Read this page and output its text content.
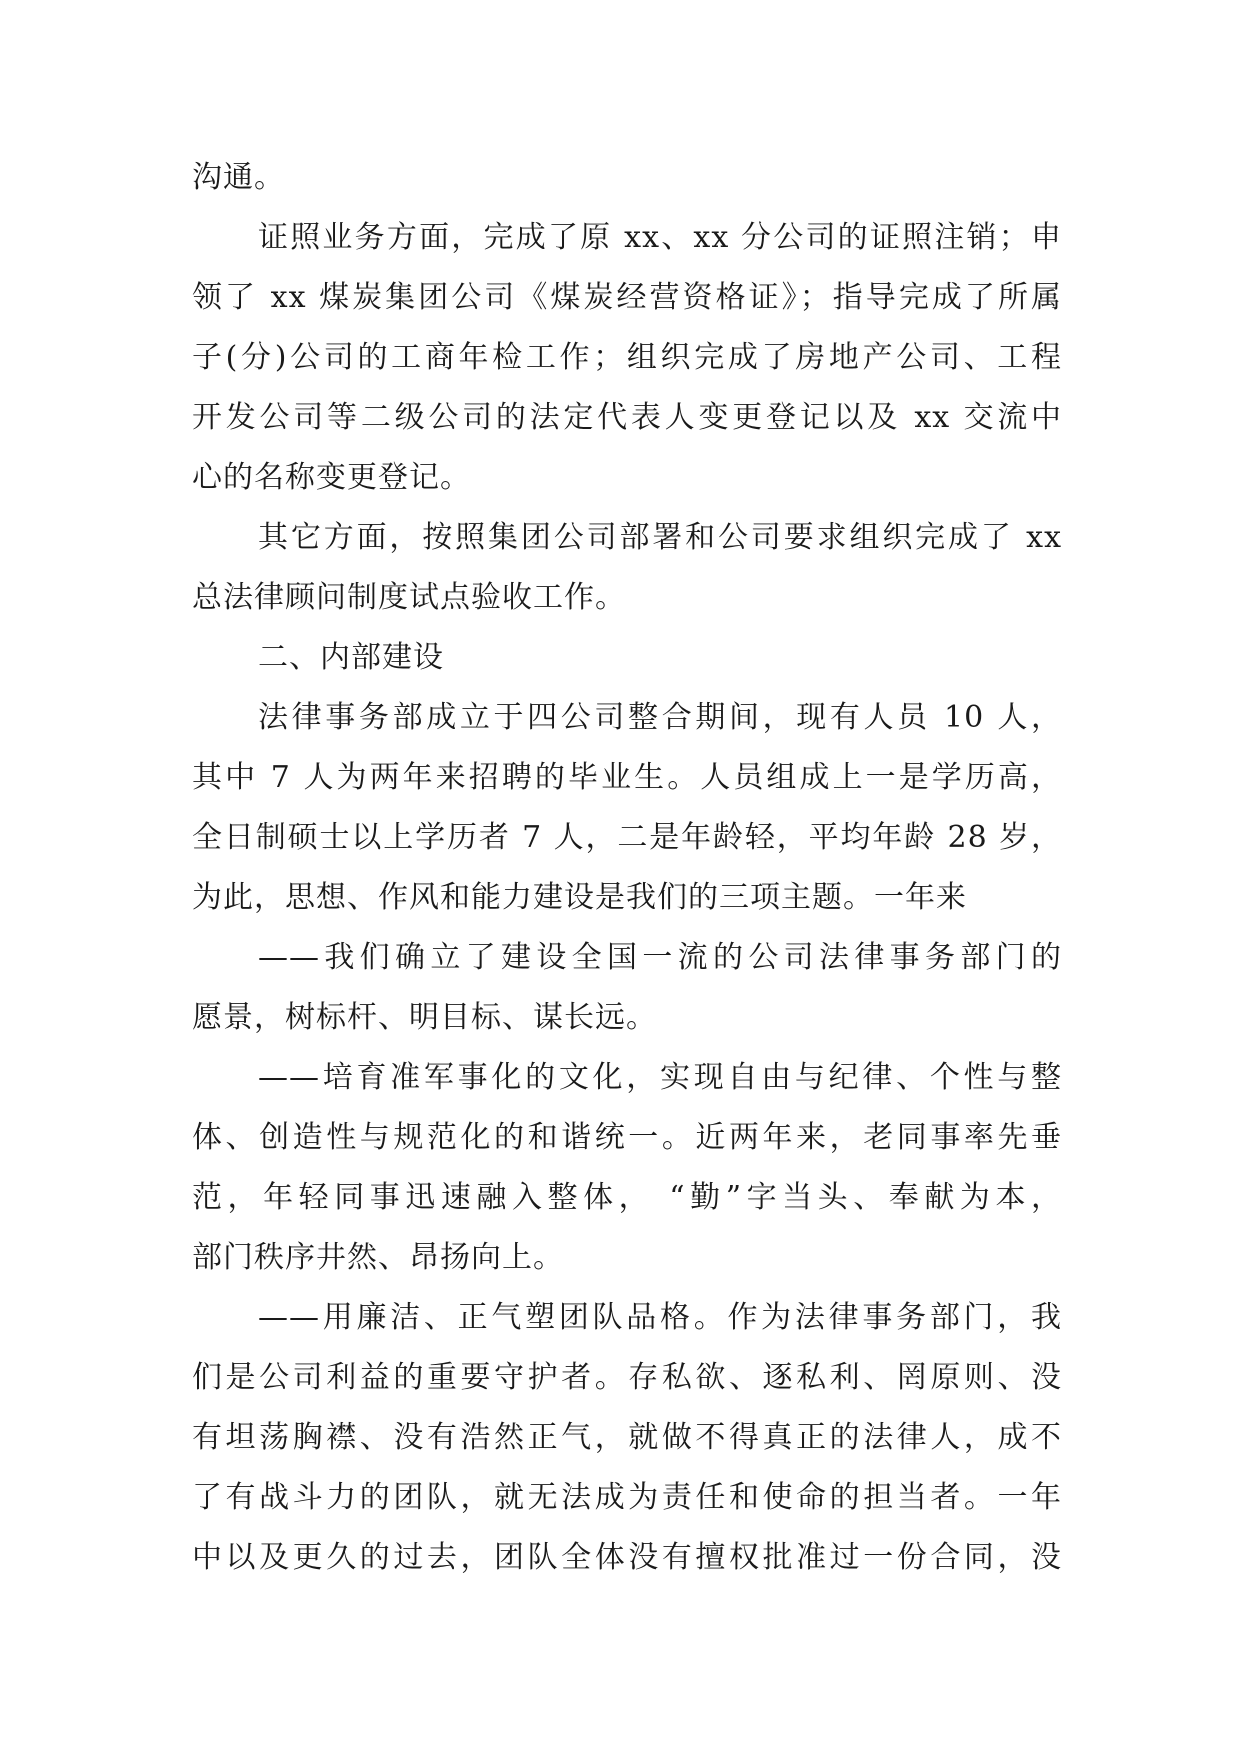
沟通。
证照业务方面，完成了原 xx、xx 分公司的证照注销；申
领了 xx 煤炭集团公司《煤炭经营资格证》；指导完成了所属
子(分)公司的工商年检工作；组织完成了房地产公司、工程
开发公司等二级公司的法定代表人变更登记以及 xx 交流中
心的名称变更登记。
其它方面，按照集团公司部署和公司要求组织完成了 xx
总法律顾问制度试点验收工作。
二、内部建设
法律事务部成立于四公司整合期间，现有人员 10 人，
其中 7 人为两年来招聘的毕业生。人员组成上一是学历高，
全日制硕士以上学历者 7 人，二是年龄轻，平均年龄 28 岁，
为此，思想、作风和能力建设是我们的三项主题。一年来
——我们确立了建设全国一流的公司法律事务部门的
愿景，树标杆、明目标、谋长远。
——培育准军事化的文化，实现自由与纪律、个性与整
体、创造性与规范化的和谐统一。近两年来，老同事率先垂
范，年轻同事迅速融入整体， “勤”字当头、奉献为本，
部门秩序井然、昂扬向上。
——用廉洁、正气塑团队品格。作为法律事务部门，我
们是公司利益的重要守护者。存私欲、逐私利、罔原则、没
有坦荡胸襟、没有浩然正气，就做不得真正的法律人，成不
了有战斗力的团队，就无法成为责任和使命的担当者。一年
中以及更久的过去，团队全体没有擅权批准过一份合同，没
